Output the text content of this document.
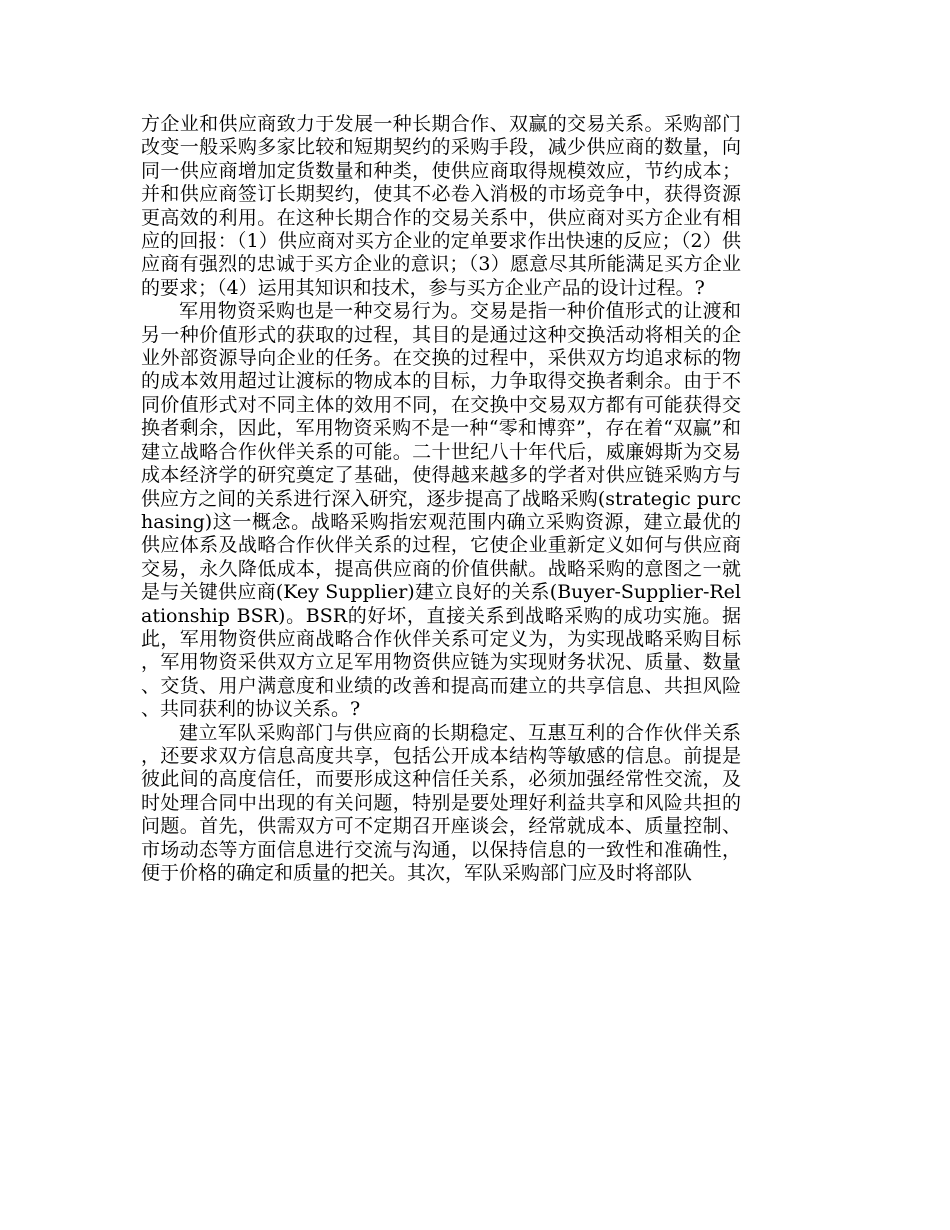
方企业和供应商致力于发展一种长期合作、双赢的交易关系。采购部门改变一般采购多家比较和短期契约的采购手段，减少供应商的数量，向同一供应商增加定货数量和种类，使供应商取得规模效应，节约成本；并和供应商签订长期契约，使其不必卷入消极的市场竞争中，获得资源更高效的利用。在这种长期合作的交易关系中，供应商对买方企业有相应的回报：（1）供应商对买方企业的定单要求作出快速的反应；（2）供应商有强烈的忠诚于买方企业的意识；（3）愿意尽其所能满足买方企业的要求；（4）运用其知识和技术，参与买方企业产品的设计过程。?

军用物资采购也是一种交易行为。交易是指一种价值形式的让渡和另一种价值形式的获取的过程，其目的是通过这种交换活动将相关的企业外部资源导向企业的任务。在交换的过程中，采供双方均追求标的物的成本效用超过让渡标的物成本的目标，力争取得交换者剩余。由于不同价值形式对不同主体的效用不同，在交换中交易双方都有可能获得交换者剩余，因此，军用物资采购不是一种“零和博弈”，存在着“双赢”和建立战略合作伙伴关系的可能。二十世纪八十年代后，威廉姆斯为交易成本经济学的研究奠定了基础，使得越来越多的学者对供应链采购方与供应方之间的关系进行深入研究，逐步提高了战略采购(strategic purchasing)这一概念。战略采购指宏观范围内确立采购资源，建立最优的供应体系及战略合作伙伴关系的过程，它使企业重新定义如何与供应商交易，永久降低成本，提高供应商的价值供献。战略采购的意图之一就是与关键供应商(Key Supplier)建立良好的关系(Buyer-Supplier-Relationship BSR)。BSR的好坏，直接关系到战略采购的成功实施。据此，军用物资供应商战略合作伙伴关系可定义为，为实现战略采购目标，军用物资采供双方立足军用物资供应链为实现财务状况、质量、数量、交货、用户满意度和业绩的改善和提高而建立的共享信息、共担风险、共同获利的协议关系。?

建立军队采购部门与供应商的长期稳定、互惠互利的合作伙伴关系，还要求双方信息高度共享，包括公开成本结构等敏感的信息。前提是彼此间的高度信任，而要形成这种信任关系，必须加强经常性交流，及时处理合同中出现的有关问题，特别是要处理好利益共享和风险共担的问题。首先，供需双方可不定期召开座谈会，经常就成本、质量控制、市场动态等方面信息进行交流与沟通，以保持信息的一致性和准确性，便于价格的确定和质量的把关。其次，军队采购部门应及时将部队
